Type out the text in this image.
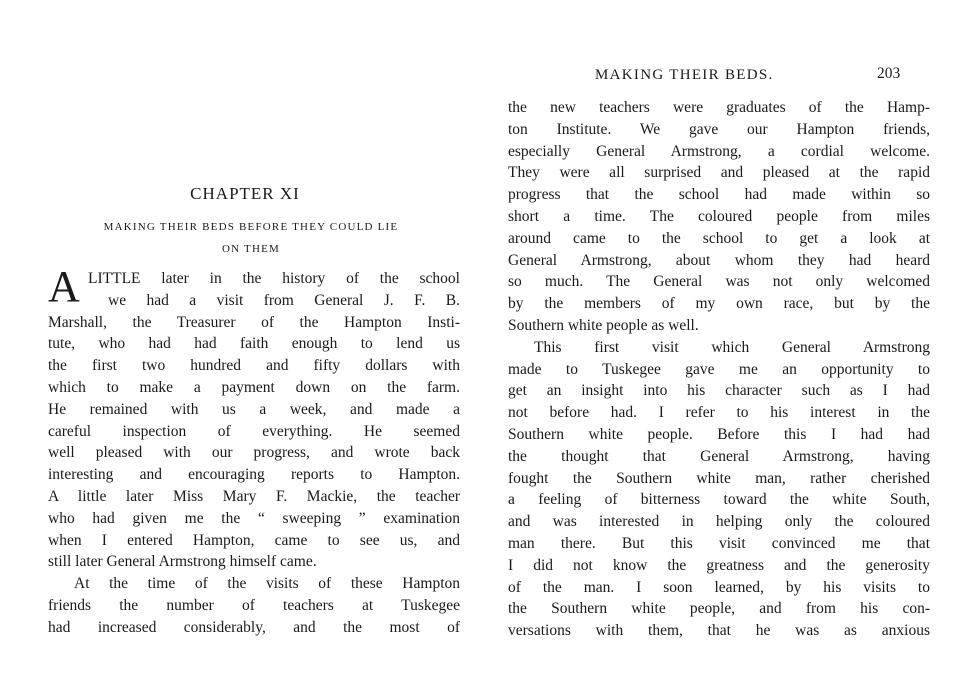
CHAPTER XI
MAKING THEIR BEDS BEFORE THEY COULD LIE
ON THEM
A LITTLE later in the history of the school
we had a visit from General J. F. B.
Marshall, the Treasurer of the Hampton Insti-
tute, who had had faith enough to lend us
the first two hundred and fifty dollars with
which to make a payment down on the farm.
He remained with us a week, and made a
careful inspection of everything. He seemed
well pleased with our progress, and wrote back
interesting and encouraging reports to Hampton.
A little later Miss Mary F. Mackie, the teacher
who had given me the “ sweeping ” examination
when I entered Hampton, came to see us, and
still later General Armstrong himself came.
At the time of the visits of these Hampton
friends the number of teachers at Tuskegee
had increased considerably, and the most of
MAKING THEIR BEDS.	203
the new teachers were graduates of the Hamp-
ton Institute. We gave our Hampton friends,
especially General Armstrong, a cordial welcome.
They were all surprised and pleased at the rapid
progress that the school had made within so
short a time. The coloured people from miles
around came to the school to get a look at
General Armstrong, about whom they had heard
so much. The General was not only welcomed
by the members of my own race, but by the
Southern white people as well.
This first visit which General Armstrong
made to Tuskegee gave me an opportunity to
get an insight into his character such as I had
not before had. I refer to his interest in the
Southern white people. Before this I had had
the thought that General Armstrong, having
fought the Southern white man, rather cherished
a feeling of bitterness toward the white South,
and was interested in helping only the coloured
man there. But this visit convinced me that
I did not know the greatness and the generosity
of the man. I soon learned, by his visits to
the Southern white people, and from his con-
versations with them, that he was as anxious
